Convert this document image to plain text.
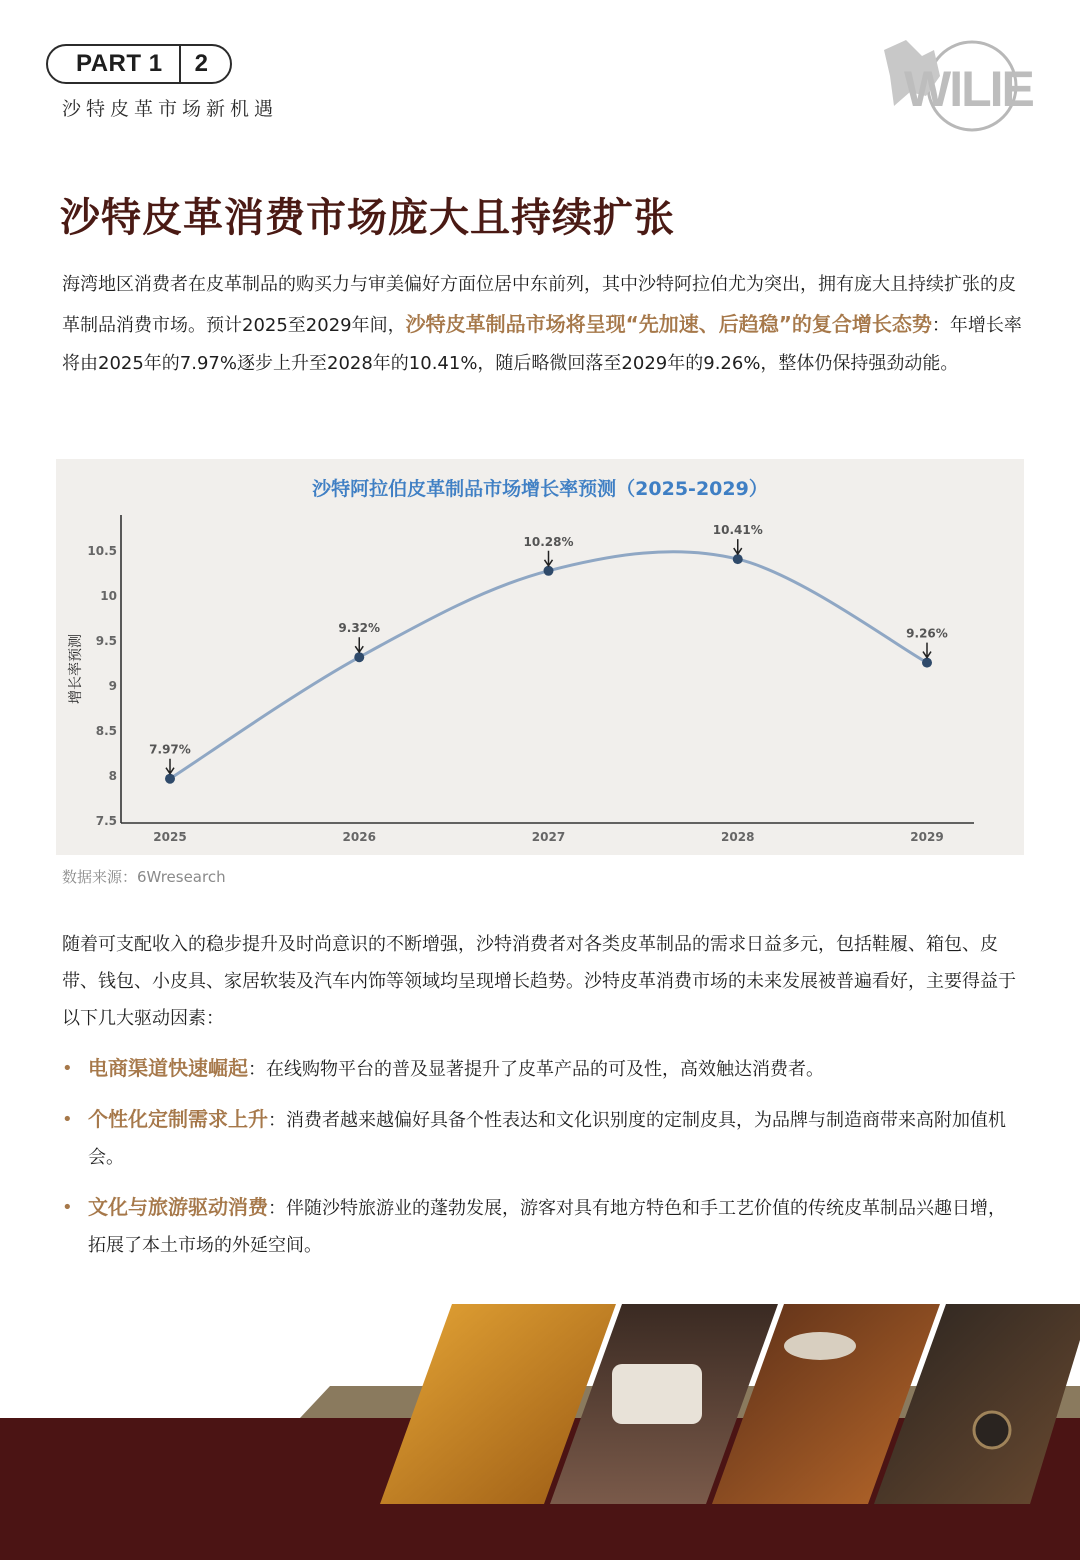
PART 1	2
沙特皮革市场新机遇	WILIE
沙特皮革消费市场庞大且持续扩张

海湾地区消费者在皮革制品的购买力与审美偏好方面位居中东前列，其中沙特阿拉伯尤为突出，拥有庞大且持续扩张的皮革制品消费市场。预计2025至2029年间，沙特皮革制品市场将呈现“先加速、后趋稳”的复合增长态势：年增长率将由2025年的7.97%逐步上升至2028年的10.41%，随后略微回落至2029年的9.26%，整体仍保持强劲动能。

沙特阿拉伯皮革制品市场增长率预测（2025-2029）
增长率预测
7.5
8
8.5
9
9.5
10
10.5
2025	2026	2027	2028	2029
7.97%
9.32%
10.28%
10.41%
9.26%
数据来源：6Wresearch

随着可支配收入的稳步提升及时尚意识的不断增强，沙特消费者对各类皮革制品的需求日益多元，包括鞋履、箱包、皮带、钱包、小皮具、家居软装及汽车内饰等领域均呈现增长趋势。沙特皮革消费市场的未来发展被普遍看好，主要得益于以下几大驱动因素：

• 电商渠道快速崛起：在线购物平台的普及显著提升了皮革产品的可及性，高效触达消费者。
• 个性化定制需求上升：消费者越来越偏好具备个性表达和文化识别度的定制皮具，为品牌与制造商带来高附加值机会。
• 文化与旅游驱动消费：伴随沙特旅游业的蓬勃发展，游客对具有地方特色和手工艺价值的传统皮革制品兴趣日增，拓展了本土市场的外延空间。
